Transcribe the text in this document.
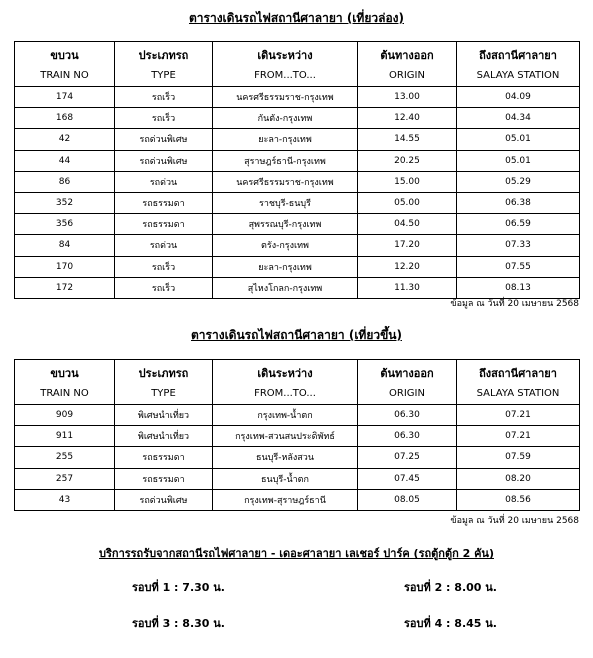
ตารางเดินรถไฟสถานีศาลายา (เที่ยวล่อง)
ขบวน	ประเภทรถ	เดินระหว่าง	ต้นทางออก	ถึงสถานีศาลายา
TRAIN NO	TYPE	FROM...TO...	ORIGIN	SALAYA STATION
174	รถเร็ว	นครศรีธรรมราช-กรุงเทพ	13.00	04.09
168	รถเร็ว	กันตัง-กรุงเทพ	12.40	04.34
42	รถด่วนพิเศษ	ยะลา-กรุงเทพ	14.55	05.01
44	รถด่วนพิเศษ	สุราษฎร์ธานี-กรุงเทพ	20.25	05.01
86	รถด่วน	นครศรีธรรมราช-กรุงเทพ	15.00	05.29
352	รถธรรมดา	ราชบุรี-ธนบุรี	05.00	06.38
356	รถธรรมดา	สุพรรณบุรี-กรุงเทพ	04.50	06.59
84	รถด่วน	ตรัง-กรุงเทพ	17.20	07.33
170	รถเร็ว	ยะลา-กรุงเทพ	12.20	07.55
172	รถเร็ว	สุไหงโกลก-กรุงเทพ	11.30	08.13
ข้อมูล ณ วันที่ 20 เมษายน 2568
ตารางเดินรถไฟสถานีศาลายา (เที่ยวขึ้น)
ขบวน	ประเภทรถ	เดินระหว่าง	ต้นทางออก	ถึงสถานีศาลายา
TRAIN NO	TYPE	FROM...TO...	ORIGIN	SALAYA STATION
909	พิเศษนำเที่ยว	กรุงเทพ-น้ำตก	06.30	07.21
911	พิเศษนำเที่ยว	กรุงเทพ-สวนสนประดิพัทธ์	06.30	07.21
255	รถธรรมดา	ธนบุรี-หลังสวน	07.25	07.59
257	รถธรรมดา	ธนบุรี-น้ำตก	07.45	08.20
43	รถด่วนพิเศษ	กรุงเทพ-สุราษฎร์ธานี	08.05	08.56
ข้อมูล ณ วันที่ 20 เมษายน 2568
บริการรถรับจากสถานีรถไฟศาลายา - เดอะศาลายา เลเชอร์ ปาร์ค (รถตู้กตู้ก 2 คัน)
รอบที่ 1 : 7.30 น.	รอบที่ 2 : 8.00 น.
รอบที่ 3 : 8.30 น.	รอบที่ 4 : 8.45 น.
